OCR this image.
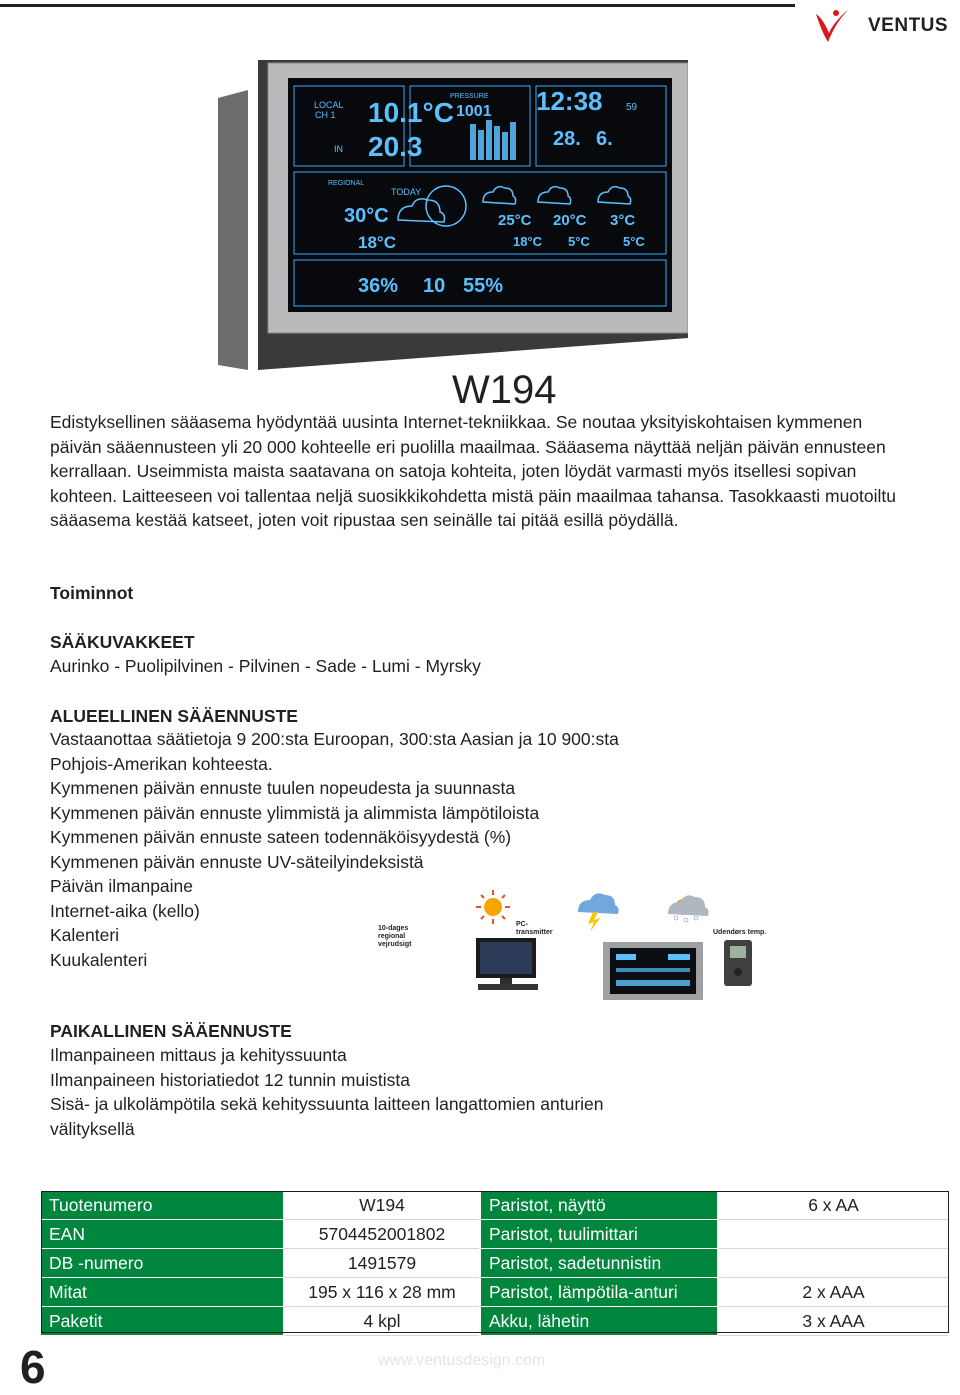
VENTUS
LOCAL
CH 1
IN
10.1°C
20.3
PRESSURE
1001 12:38 59
28. 6.
REGIONAL
TODAY
30°C
18°C
36% 10 55%
25°C
18°C
20°C
5°C
3°C
5°C
W194
Edistyksellinen sääasema hyödyntää uusinta Internet-tekniikkaa. Se noutaa yksityiskohtaisen kymmenen päivän sääennusteen yli 20 000 kohteelle eri puolilla maailmaa. Sääasema näyttää neljän päivän ennusteen kerrallaan. Useimmista maista saatavana on satoja kohteita, joten löydät varmasti myös itsellesi sopivan kohteen. Laitteeseen voi tallentaa neljä suosikkikohdetta mistä päin maailmaa tahansa. Tasokkaasti muotoiltu sääasema kestää katseet, joten voit ripustaa sen seinälle tai pitää esillä pöydällä.
Toiminnot
SÄÄKUVAKKEET
Aurinko - Puolipilvinen - Pilvinen - Sade - Lumi - Myrsky
ALUEELLINEN SÄÄENNUSTE
Vastaanottaa säätietoja 9 200:sta Euroopan, 300:sta Aasian ja 10 900:sta
Pohjois-Amerikan kohteesta.
Kymmenen päivän ennuste tuulen nopeudesta ja suunnasta
Kymmenen päivän ennuste ylimmistä ja alimmista lämpötiloista
Kymmenen päivän ennuste sateen todennäköisyydestä (%)
Kymmenen päivän ennuste UV-säteilyindeksistä
Päivän ilmanpaine
Internet-aika (kello)
Kalenteri
Kuukalenteri
10-dages
regional
vejrudsigt
PC-
transmitter	Udendørs temp.
PAIKALLINEN SÄÄENNUSTE
Ilmanpaineen mittaus ja kehityssuunta
Ilmanpaineen historiatiedot 12 tunnin muistista
Sisä- ja ulkolämpötila sekä kehityssuunta laitteen langattomien anturien
välityksellä
Tuotenumero	W194	Paristot, näyttö	6 x AA
EAN	5704452001802	Paristot, tuulimittari	
DB -numero	1491579	Paristot, sadetunnistin	
Mitat	195 x 116 x 28 mm	Paristot, lämpötila-anturi	2 x AAA
Paketit	4 kpl	Akku, lähetin	3 x AAA
6	www.ventusdesign.com
